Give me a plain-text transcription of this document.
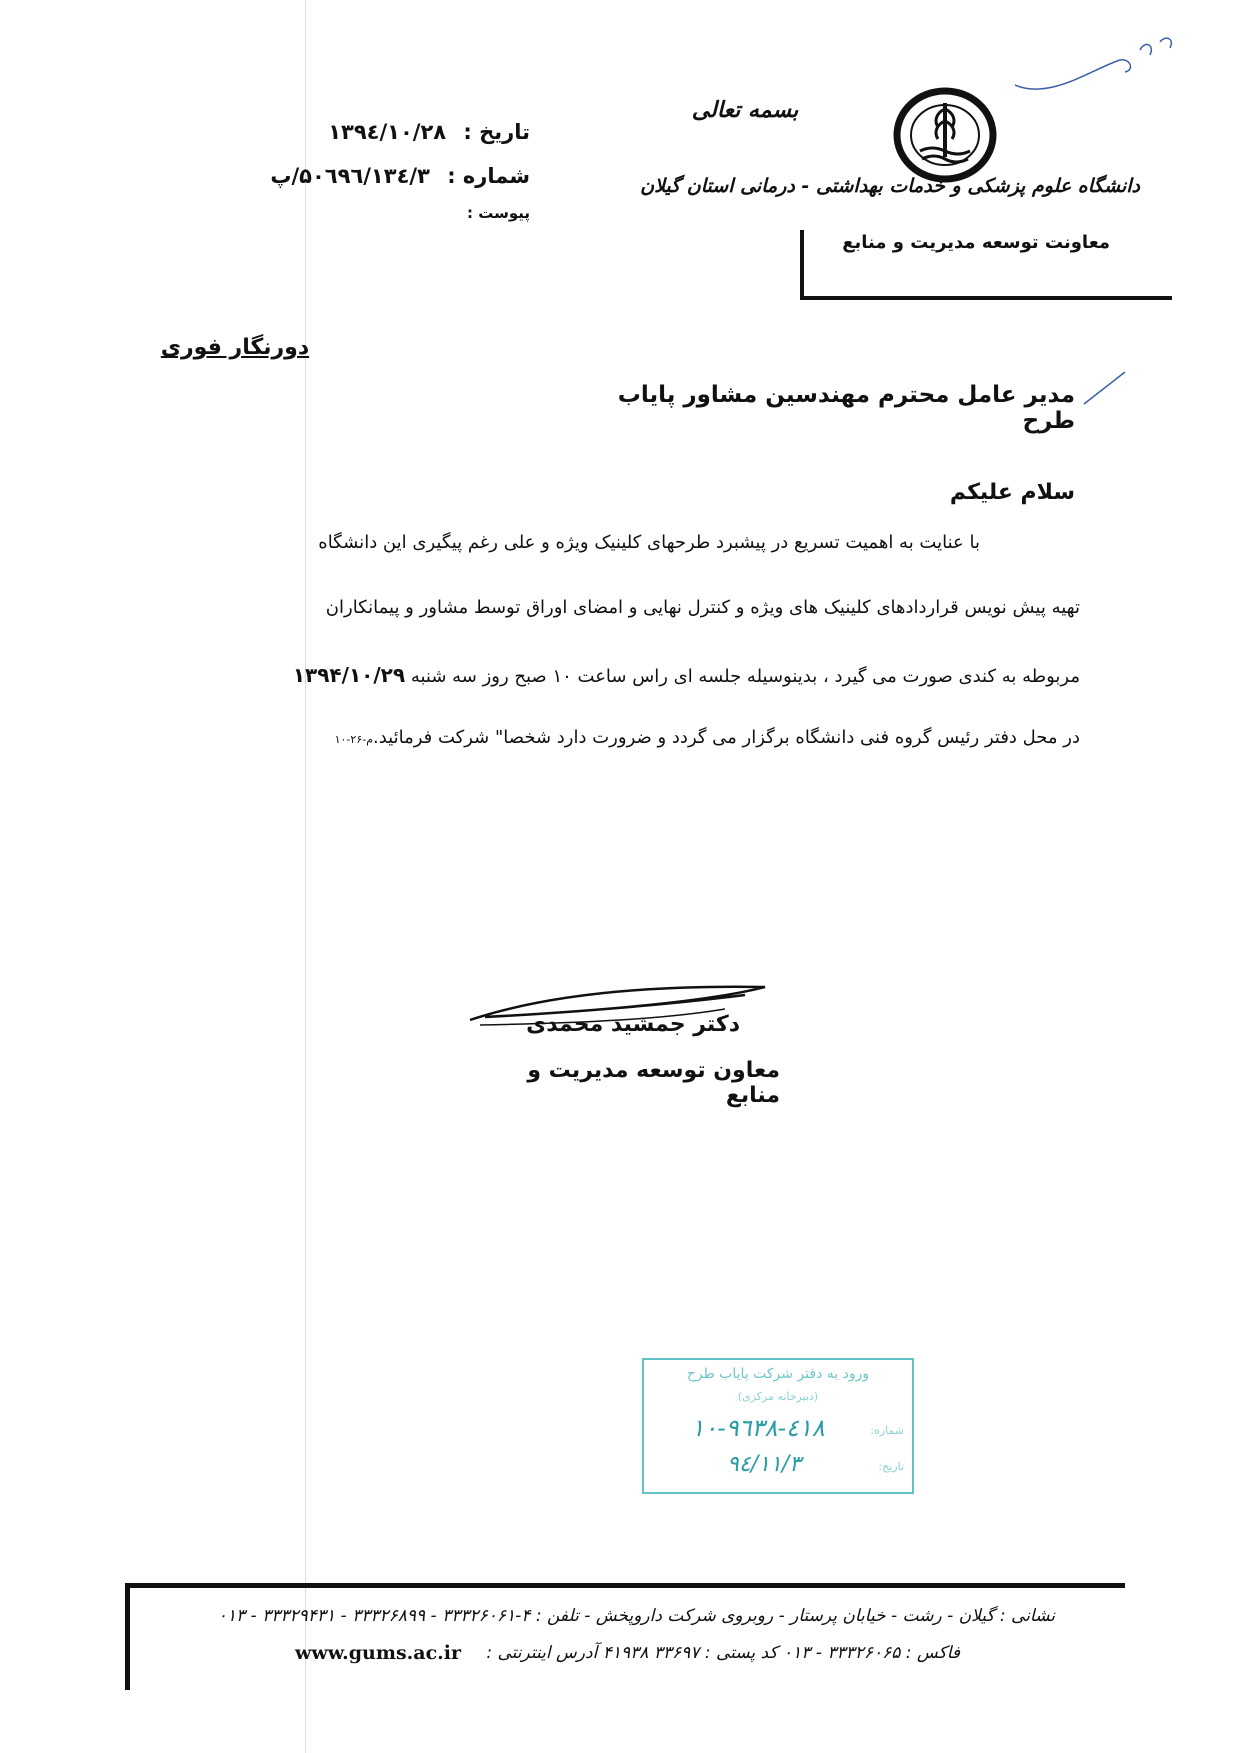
بسمه تعالی
دانشگاه علوم پزشکی و خدمات بهداشتی - درمانی استان گیلان
معاونت توسعه مدیریت و منابع
تاریخ : ۱۳۹٤/۱۰/۲۸
شماره : ۵۰٦۹٦/۱۳٤/۳/پ
پیوست :
دورنگار فوری
مدیر عامل محترم مهندسین مشاور پایاب طرح
سلام علیکم
با عنایت به اهمیت تسریع در پیشبرد طرحهای کلینیک ویژه و علی رغم پیگیری این دانشگاه
تهیه پیش نویس قراردادهای کلینیک های ویژه و کنترل نهایی و امضای اوراق توسط مشاور و پیمانکاران
مربوطه به کندی صورت می گیرد ، بدینوسیله جلسه ای راس ساعت ۱۰ صبح روز سه شنبه ۱۳۹۴/۱۰/۲۹
در محل دفتر رئیس گروه فنی دانشگاه برگزار می گردد و ضرورت دارد شخصا" شرکت فرمائید.م-۲۶-۱۰
دکتر جمشید محمدی
معاون توسعه مدیریت و منابع
ورود به دفتر شرکت پایاب طرح
(دبیرخانه مرکزی)
شماره:
۱۰-۹٤-٦٣٨۱۸
تاریخ:
۹٤/۱۱/۳
نشانی : گیلان - رشت - خیابان پرستار - روبروی شرکت داروپخش - تلفن : ۴-۳۳۳۲۶۰۶۱ - ۳۳۳۲۶۸۹۹ - ۳۳۳۲۹۴۳۱ - ۰۱۳
فاکس : ۳۳۳۲۶۰۶۵ - ۰۱۳ کد پستی : ۳۳۶۹۷ ۴۱۹۳۸ آدرس اینترنتی :
www.gums.ac.ir
